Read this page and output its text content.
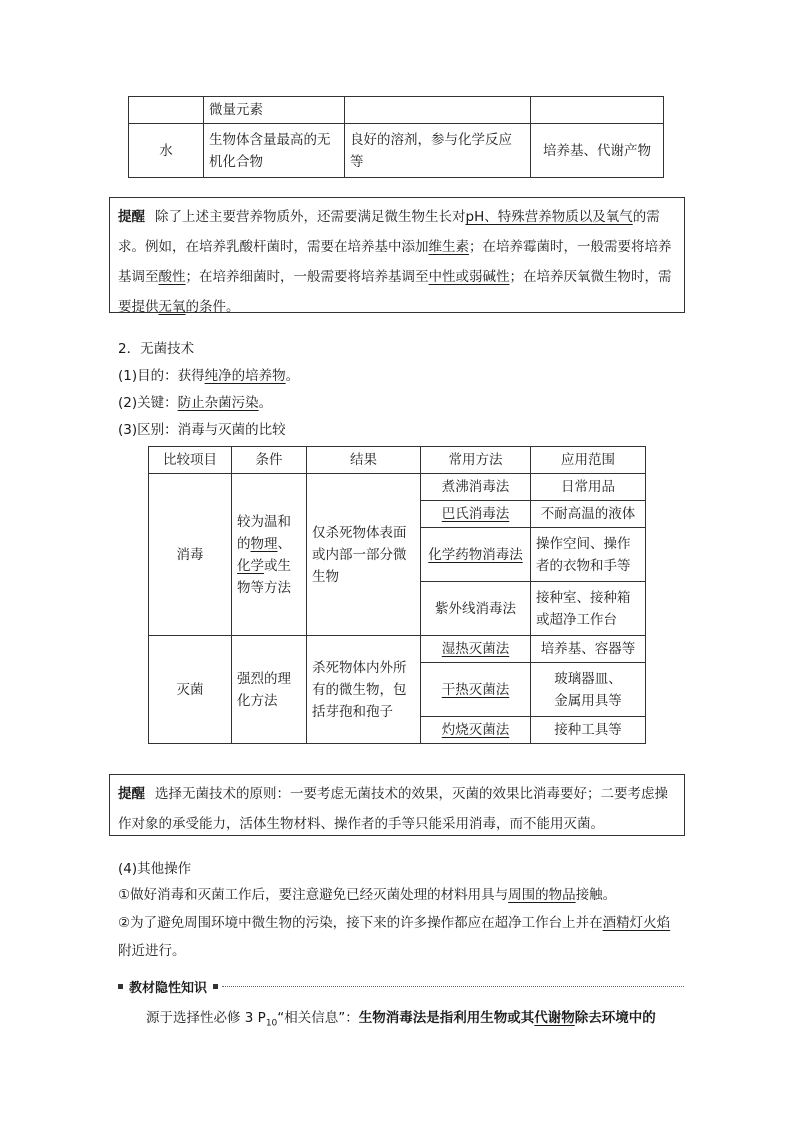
	微量元素		
水	生物体含量最高的无机化合物	良好的溶剂，参与化学反应等	培养基、代谢产物
提醒 除了上述主要营养物质外，还需要满足微生物生长对pH、特殊营养物质以及氧气的需求。例如，在培养乳酸杆菌时，需要在培养基中添加维生素；在培养霉菌时，一般需要将培养基调至酸性；在培养细菌时，一般需要将培养基调至中性或弱碱性；在培养厌氧微生物时，需要提供无氧的条件。
2．无菌技术
(1)目的：获得纯净的培养物。
(2)关键：防止杂菌污染。
(3)区别：消毒与灭菌的比较
比较项目	条件	结果	常用方法	应用范围
消毒	较为温和的物理、化学或生物等方法	仅杀死物体表面或内部一部分微生物	煮沸消毒法	日常用品
			巴氏消毒法	不耐高温的液体
			化学药物消毒法	操作空间、操作者的衣物和手等
			紫外线消毒法	接种室、接种箱或超净工作台
灭菌	强烈的理化方法	杀死物体内外所有的微生物，包括芽孢和孢子	湿热灭菌法	培养基、容器等
			干热灭菌法	玻璃器皿、
金属用具等

			灼烧灭菌法	接种工具等
提醒 选择无菌技术的原则：一要考虑无菌技术的效果，灭菌的效果比消毒要好；二要考虑操作对象的承受能力，活体生物材料、操作者的手等只能采用消毒，而不能用灭菌。
(4)其他操作
①做好消毒和灭菌工作后，要注意避免已经灭菌处理的材料用具与周围的物品接触。
②为了避免周围环境中微生物的污染，接下来的许多操作都应在超净工作台上并在酒精灯火焰附近进行。
教材隐性知识
源于选择性必修 3 $P_{10}“$相关信息”：生物消毒法是指利用生物或其代谢物除去环境中的
